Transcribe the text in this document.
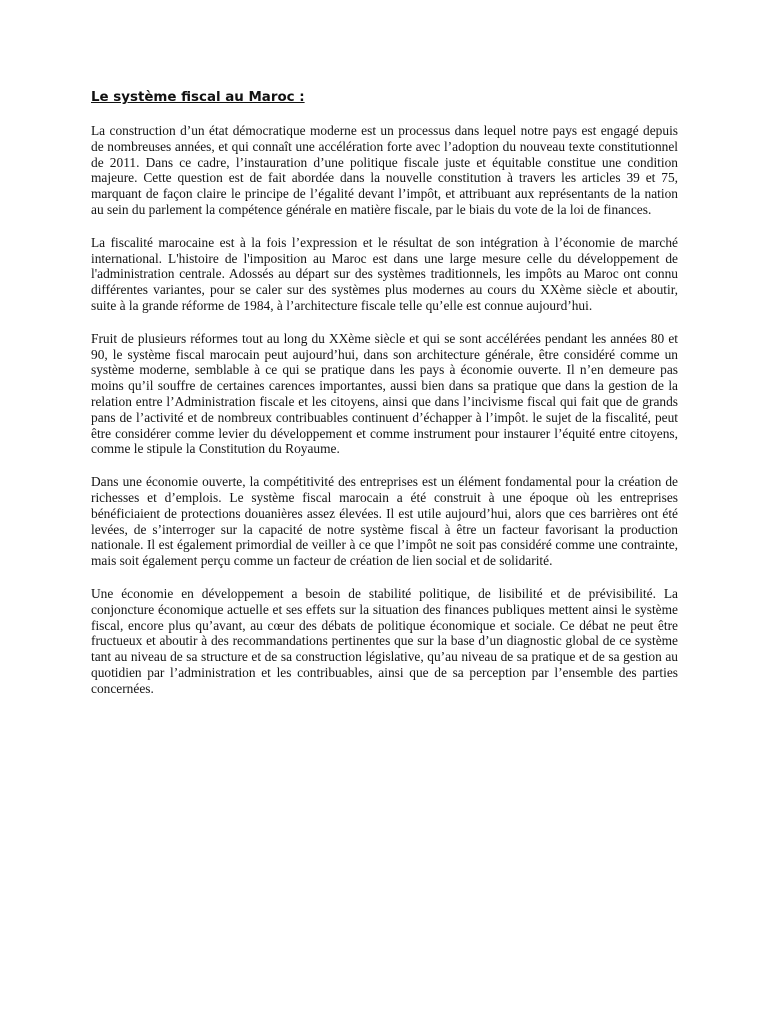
Le système fiscal au Maroc :

La construction d’un état démocratique moderne est un processus dans lequel notre pays est engagé depuis de nombreuses années, et qui connaît une accélération forte avec l’adoption du nouveau texte constitutionnel de 2011. Dans ce cadre, l’instauration d’une politique fiscale juste et équitable constitue une condition majeure. Cette question est de fait abordée dans la nouvelle constitution à travers les articles 39 et 75, marquant de façon claire le principe de l’égalité devant l’impôt, et attribuant aux représentants de la nation au sein du parlement la compétence générale en matière fiscale, par le biais du vote de la loi de finances.

La fiscalité marocaine est à la fois l’expression et le résultat de son intégration à l’économie de marché international. L'histoire de l'imposition au Maroc est dans une large mesure celle du développement de l'administration centrale. Adossés au départ sur des systèmes traditionnels, les impôts au Maroc ont connu différentes variantes, pour se caler sur des systèmes plus modernes au cours du XXème siècle et aboutir, suite à la grande réforme de 1984, à l’architecture fiscale telle qu’elle est connue aujourd’hui.

Fruit de plusieurs réformes tout au long du XXème siècle et qui se sont accélérées pendant les années 80 et 90, le système fiscal marocain peut aujourd’hui, dans son architecture générale, être considéré comme un système moderne, semblable à ce qui se pratique dans les pays à économie ouverte. Il n’en demeure pas moins qu’il souffre de certaines carences importantes, aussi bien dans sa pratique que dans la gestion de la relation entre l’Administration fiscale et les citoyens, ainsi que dans l’incivisme fiscal qui fait que de grands pans de l’activité et de nombreux contribuables continuent d’échapper à l’impôt. le sujet de la fiscalité, peut être considérer comme levier du développement et comme instrument pour instaurer l’équité entre citoyens, comme le stipule la Constitution du Royaume.

Dans une économie ouverte, la compétitivité des entreprises est un élément fondamental pour la création de richesses et d’emplois. Le système fiscal marocain a été construit à une époque où les entreprises bénéficiaient de protections douanières assez élevées. Il est utile aujourd’hui, alors que ces barrières ont été levées, de s’interroger sur la capacité de notre système fiscal à être un facteur favorisant la production nationale. Il est également primordial de veiller à ce que l’impôt ne soit pas considéré comme une contrainte, mais soit également perçu comme un facteur de création de lien social et de solidarité.

Une économie en développement a besoin de stabilité politique, de lisibilité et de prévisibilité. La conjoncture économique actuelle et ses effets sur la situation des finances publiques mettent ainsi le système fiscal, encore plus qu’avant, au cœur des débats de politique économique et sociale. Ce débat ne peut être fructueux et aboutir à des recommandations pertinentes que sur la base d’un diagnostic global de ce système tant au niveau de sa structure et de sa construction législative, qu’au niveau de sa pratique et de sa gestion au quotidien par l’administration et les contribuables, ainsi que de sa perception par l’ensemble des parties concernées.
